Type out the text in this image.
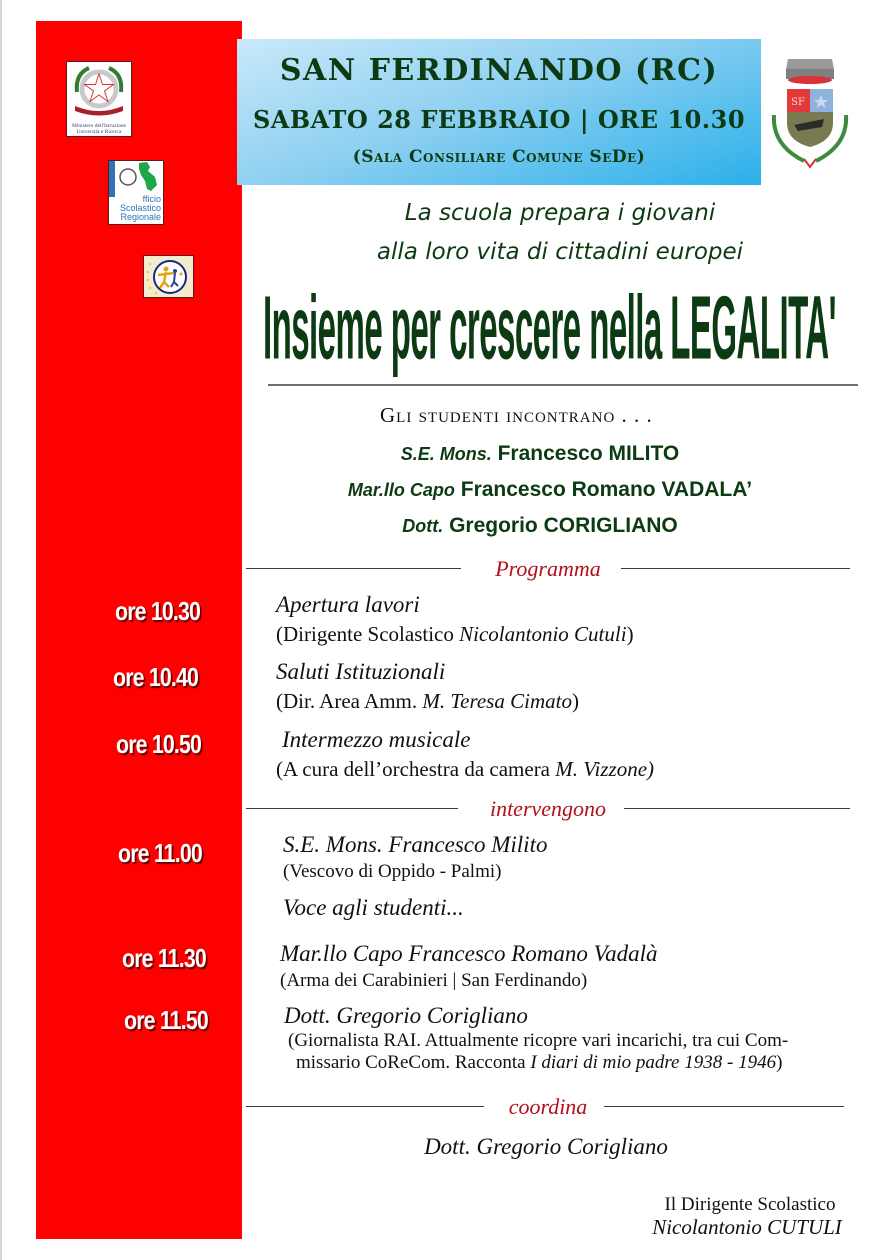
Ministero dell'Istruzione Università e Ricerca
fficio
Scolastico
Regionale
SAN FERDINANDO (RC)
SABATO 28 FEBBRAIO | ORE 10.30
(Sala Consiliare Comune SeDe)
SF
La scuola prepara i giovani
alla loro vita di cittadini europei
Insieme per crescere nella LEGALITA'
Gli studenti incontrano . . .
S.E. Mons. Francesco MILITO
Mar.llo Capo Francesco Romano VADALA’
Dott. Gregorio CORIGLIANO
Programma
ore 10.30	Apertura lavori
(Dirigente Scolastico Nicolantonio Cutuli)
ore 10.40	Saluti Istituzionali
(Dir. Area Amm. M. Teresa Cimato)
ore 10.50	Intermezzo musicale
(A cura dell’orchestra da camera M. Vizzone)
intervengono
ore 11.00	S.E. Mons. Francesco Milito
(Vescovo di Oppido - Palmi)
Voce agli studenti...
ore 11.30	Mar.llo Capo Francesco Romano Vadalà
(Arma dei Carabinieri | San Ferdinando)
ore 11.50	Dott. Gregorio Corigliano
(Giornalista RAI. Attualmente ricopre vari incarichi, tra cui Com-
missario CoReCom. Racconta I diari di mio padre 1938 - 1946)
coordina
Dott. Gregorio Corigliano
Il Dirigente Scolastico
Nicolantonio CUTULI
